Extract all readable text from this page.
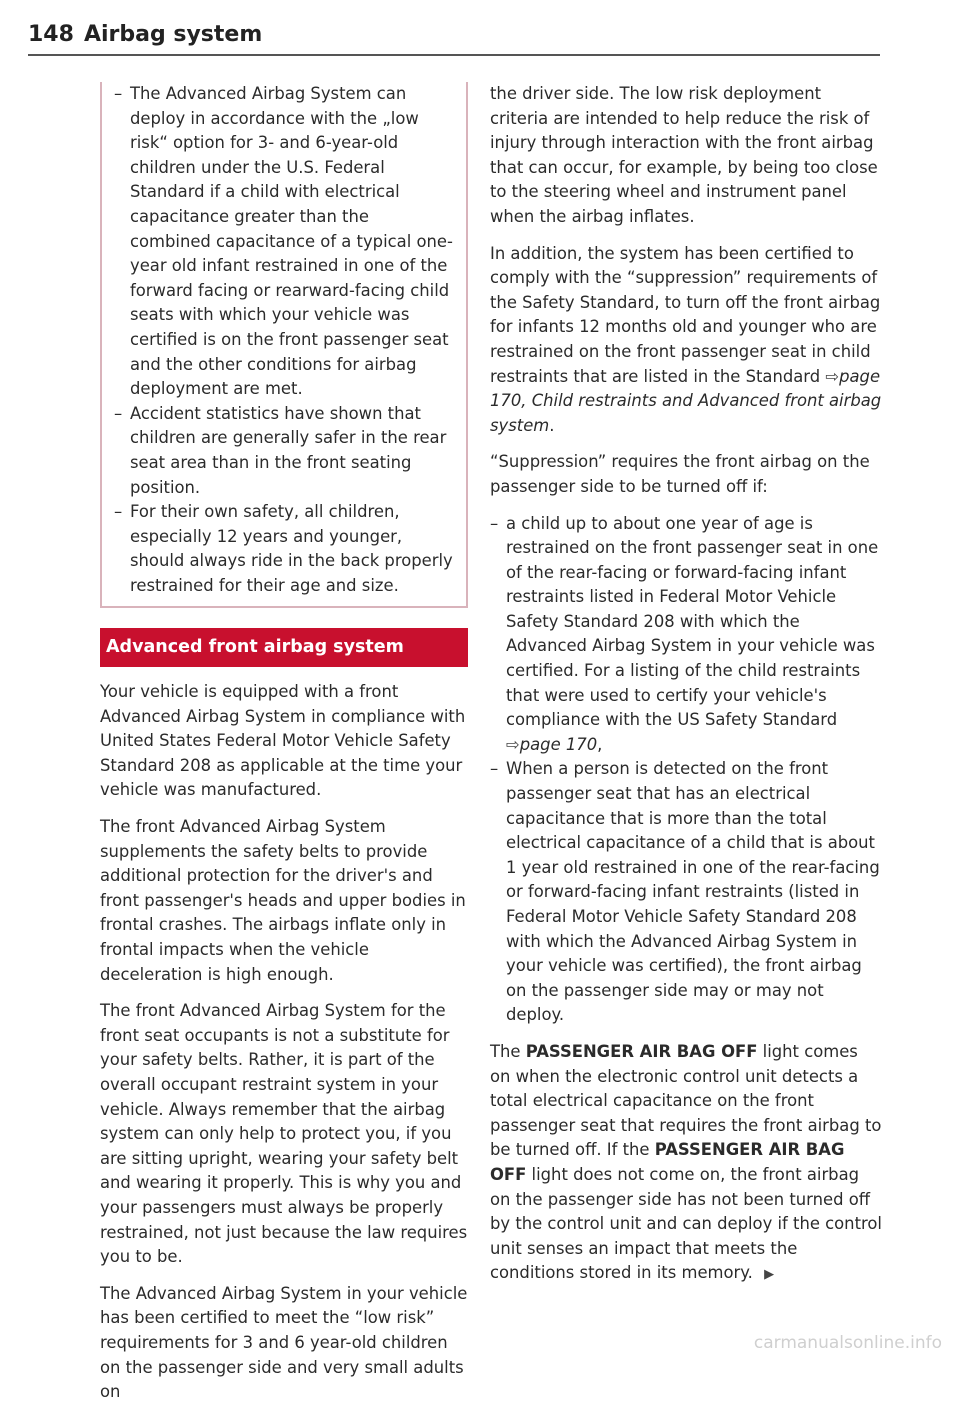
148 Airbag system
– The Advanced Airbag System can deploy in accordance with the „low risk“ option for 3- and 6-year-old children under the U.S. Federal Standard if a child with electrical capacitance greater than the combined capacitance of a typical one-year old infant restrained in one of the forward facing or rearward-facing child seats with which your vehicle was certified is on the front passenger seat and the other conditions for airbag deployment are met.
– Accident statistics have shown that children are generally safer in the rear seat area than in the front seating position.
– For their own safety, all children, especially 12 years and younger, should always ride in the back properly restrained for their age and size.
Advanced front airbag system

Your vehicle is equipped with a front Advanced Airbag System in compliance with United States Federal Motor Vehicle Safety Standard 208 as applicable at the time your vehicle was manufactured.

The front Advanced Airbag System supplements the safety belts to provide additional protection for the driver's and front passenger's heads and upper bodies in frontal crashes. The airbags inflate only in frontal impacts when the vehicle deceleration is high enough.

The front Advanced Airbag System for the front seat occupants is not a substitute for your safety belts. Rather, it is part of the overall occupant restraint system in your vehicle. Always remember that the airbag system can only help to protect you, if you are sitting upright, wearing your safety belt and wearing it properly. This is why you and your passengers must always be properly restrained, not just because the law requires you to be.

The Advanced Airbag System in your vehicle has been certified to meet the “low risk” requirements for 3 and 6 year-old children on the passenger side and very small adults on

the driver side. The low risk deployment criteria are intended to help reduce the risk of injury through interaction with the front airbag that can occur, for example, by being too close to the steering wheel and instrument panel when the airbag inflates.

In addition, the system has been certified to comply with the “suppression” requirements of the Safety Standard, to turn off the front airbag for infants 12 months old and younger who are restrained on the front passenger seat in child restraints that are listed in the Standard ⇨page 170, Child restraints and Advanced front airbag system.

“Suppression” requires the front airbag on the passenger side to be turned off if:

– a child up to about one year of age is restrained on the front passenger seat in one of the rear-facing or forward-facing infant restraints listed in Federal Motor Vehicle Safety Standard 208 with which the Advanced Airbag System in your vehicle was certified. For a listing of the child restraints that were used to certify your vehicle's compliance with the US Safety Standard ⇨page 170,
– When a person is detected on the front passenger seat that has an electrical capacitance that is more than the total electrical capacitance of a child that is about 1 year old restrained in one of the rear-facing or forward-facing infant restraints (listed in Federal Motor Vehicle Safety Standard 208 with which the Advanced Airbag System in your vehicle was certified), the front airbag on the passenger side may or may not deploy.

The PASSENGER AIR BAG OFF light comes on when the electronic control unit detects a total electrical capacitance on the front passenger seat that requires the front airbag to be turned off. If the PASSENGER AIR BAG OFF light does not come on, the front airbag on the passenger side has not been turned off by the control unit and can deploy if the control unit senses an impact that meets the conditions stored in its memory. ▶

carmanualsonline.info
